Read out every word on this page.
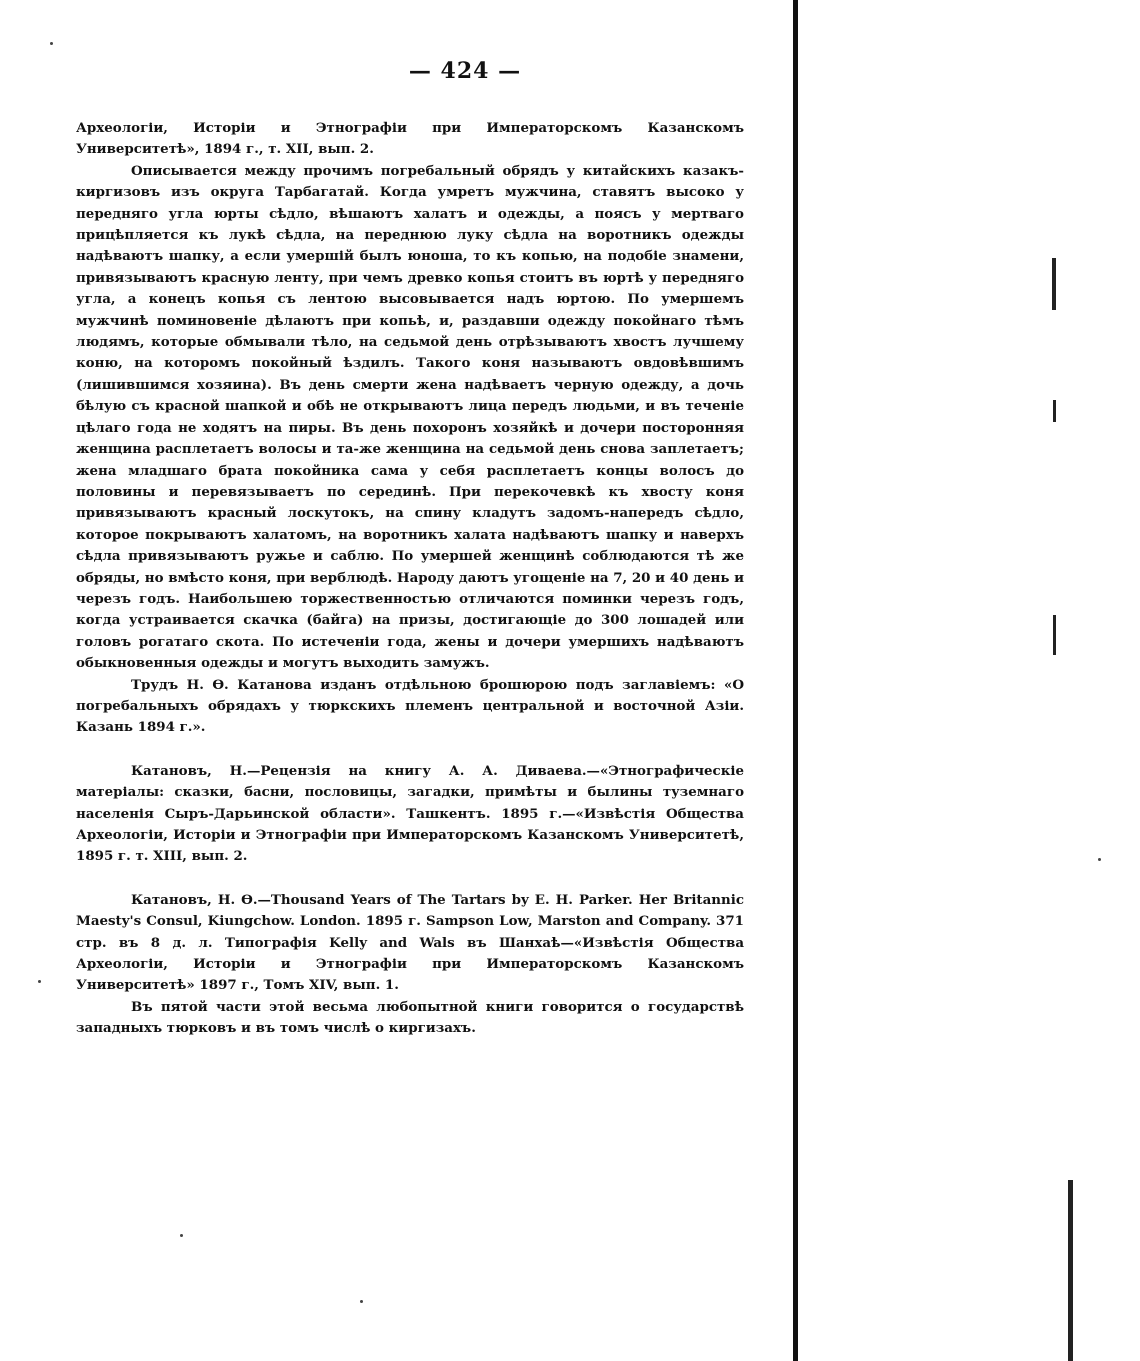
— 424 —

Археологіи, Исторіи и Этнографіи при Императорскомъ Казанскомъ Университетѣ», 1894 г., т. XII, вып. 2.

Описывается между прочимъ погребальный обрядъ у китайскихъ казакъ-киргизовъ изъ округа Тарбагатай. Когда умретъ мужчина, ставятъ высоко у передняго угла юрты сѣдло, вѣшаютъ халатъ и одежды, а поясъ у мертваго прицѣпляется къ лукѣ сѣдла, на переднюю луку сѣдла на воротникъ одежды надѣваютъ шапку, а если умершій былъ юноша, то къ копью, на подобіе знамени, привязываютъ красную ленту, при чемъ древко копья стоитъ въ юртѣ у передняго угла, а конецъ копья съ лентою высовывается надъ юртою. По умершемъ мужчинѣ поминовеніе дѣлаютъ при копьѣ, и, раздавши одежду покойнаго тѣмъ людямъ, которые обмывали тѣло, на седьмой день отрѣзываютъ хвостъ лучшему коню, на которомъ покойный ѣздилъ. Такого коня называютъ овдовѣвшимъ (лишившимся хозяина). Въ день смерти жена надѣваетъ черную одежду, а дочь бѣлую съ красной шапкой и обѣ не открываютъ лица передъ людьми, и въ теченіе цѣлаго года не ходятъ на пиры. Въ день похоронъ хозяйкѣ и дочери посторонняя женщина расплетаетъ волосы и та-же женщина на седьмой день снова заплетаетъ; жена младшаго брата покойника сама у себя расплетаетъ концы волосъ до половины и перевязываетъ по серединѣ. При перекочевкѣ къ хвосту коня привязываютъ красный лоскутокъ, на спину кладутъ задомъ-напередъ сѣдло, которое покрываютъ халатомъ, на воротникъ халата надѣваютъ шапку и наверхъ сѣдла привязываютъ ружье и саблю. По умершей женщинѣ соблюдаются тѣ же обряды, но вмѣсто коня, при верблюдѣ. Народу даютъ угощеніе на 7, 20 и 40 день и черезъ годъ. Наибольшею торжественностью отличаются поминки черезъ годъ, когда устраивается скачка (байга) на призы, достигающіе до 300 лошадей или головъ рогатаго скота. По истеченіи года, жены и дочери умершихъ надѣваютъ обыкновенныя одежды и могутъ выходить замужъ.

Трудъ Н. Ѳ. Катанова изданъ отдѣльною брошюрою подъ заглавіемъ: «О погребальныхъ обрядахъ у тюркскихъ племенъ центральной и восточной Азіи. Казань 1894 г.».

Катановъ, Н.—Рецензія на книгу А. А. Диваева.—«Этнографическіе матеріалы: сказки, басни, пословицы, загадки, примѣты и былины туземнаго населенія Сыръ-Дарьинской области». Ташкентъ. 1895 г.—«Извѣстія Общества Археологіи, Исторіи и Этнографіи при Императорскомъ Казанскомъ Университетѣ, 1895 г. т. XIII, вып. 2.

Катановъ, Н. Ѳ.—Thousand Years of The Tartars by E. H. Parker. Her Britannic Maesty's Consul, Kiungchow. London. 1895 г. Sampson Low, Marston and Company. 371 стр. въ 8 д. л. Типографія Kelly and Wals въ Шанхаѣ—«Извѣстія Общества Археологіи, Исторіи и Этнографіи при Императорскомъ Казанскомъ Университетѣ» 1897 г., Томъ XIV, вып. 1.

Въ пятой части этой весьма любопытной книги говорится о государствѣ западныхъ тюрковъ и въ томъ числѣ о киргизахъ.
